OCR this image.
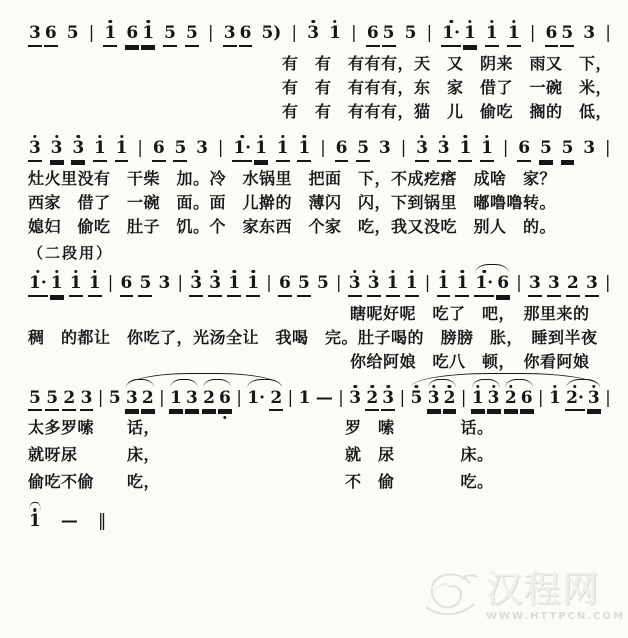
3 6 5 | 1 6 1 5 5 | 3 6 5) | 3 1 | 6 5 5 | 1· 1 1 1 | 6 5 3 |
有　有　有有有，天　又　阴来　雨又　下，
有　有　有有有，东　家　借了　一碗　米，
有　有　有有有，猫　儿　偷吃　搁的　低，
3 3 3 1 1 | 6 5 3 | 1· 1 1 1 | 6 5 3 | 3 3 1 1 | 6 5 5 3 |
灶火里没有　干柴　加。冷　水锅里　把面　下，不成疙瘩　成啥　家？
西家　借了　一碗　面。面　儿擀的　薄闪　闪，下到锅里　嘟噜噜转。
媳妇　偷吃　肚子　饥。个　家东西　个家　吃，我又没吃　别人　的。
（二段用）
1· 1 1 1 | 6 5 3 | 3 3 1 1 | 6 5 5 | 3 3 1 1 | 1 1 1· 6 | 3 3 2 3 |
瞎呢好呢　吃了　吧，　那里来的
稠　的都让　你吃了，光汤全让　我喝　完。肚子喝的　膀膀　胀，　睡到半夜
你给阿娘　吃八　顿，　你看阿娘
5 5 2 3 | 5 3 2 | 1 3 2 6 | 1· 2 | 1 — | 3 2 3 | 5 3 2 | 1 3 2 6 | 1 2· 3 |
太多罗嗦　　话，	罗　嗦　　　　话。
就呀尿　　　床，	就　尿　　　　床。
偷吃不偷　　吃，	不　偷　　　　吃。
1 — ‖
汉程网
WWW.HTTPCN.COM
